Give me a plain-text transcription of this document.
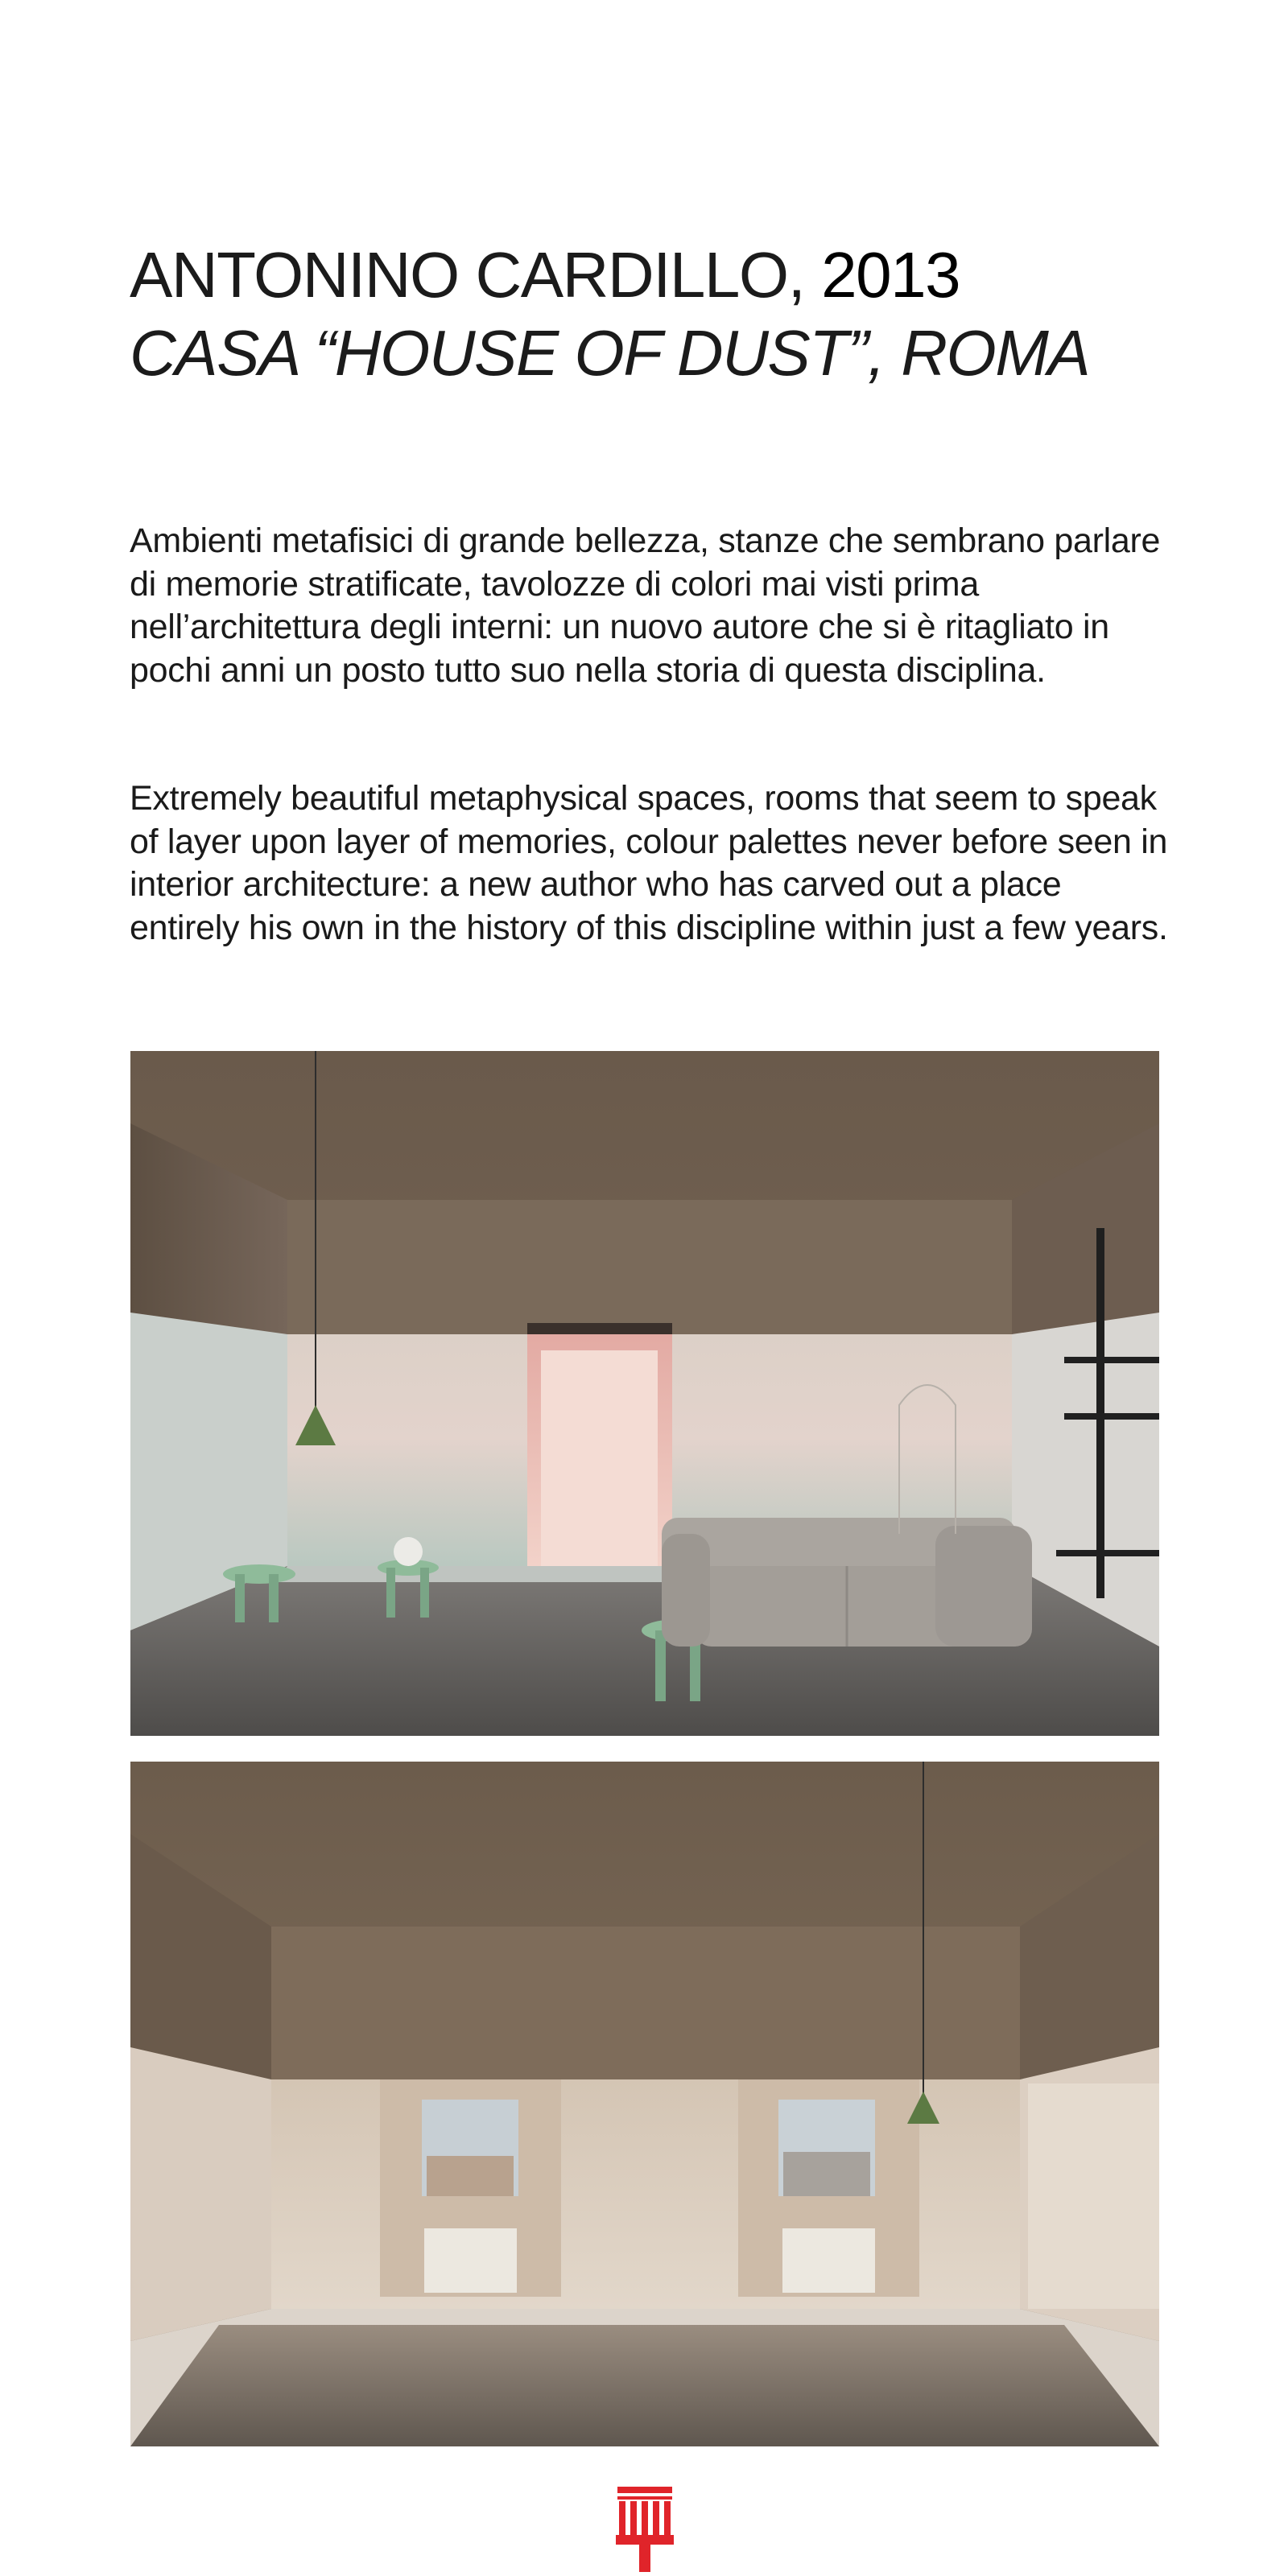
ANTONINO CARDILLO, 2013
CASA “HOUSE OF DUST”, ROMA

Ambienti metafisici di grande bellezza, stanze che sembrano parlare di memorie stratificate, tavolozze di colori mai visti prima nell’architettura degli interni: un nuovo autore che si è ritagliato in pochi anni un posto tutto suo nella storia di questa disciplina.

Extremely beautiful metaphysical spaces, rooms that seem to speak of layer upon layer of memories, colour palettes never before seen in interior architecture: a new author who has carved out a place entirely his own in the history of this discipline within just a few years.
